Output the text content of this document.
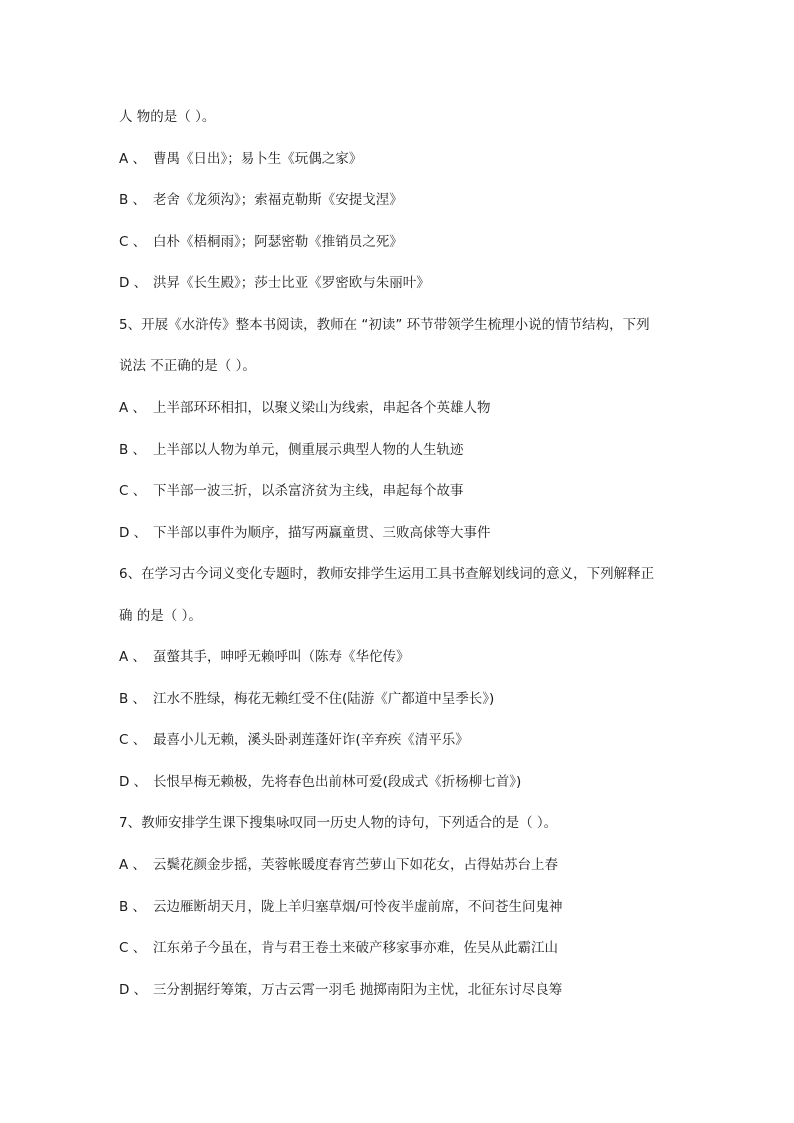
人 物的是（ ）。
A 、 曹禺《日出》；易卜生《玩偶之家》
B 、 老舍《龙须沟》；索福克勒斯《安提戈涅》
C 、 白朴《梧桐雨》；阿瑟密勒《推销员之死》
D 、 洪昇《长生殿》；莎士比亚《罗密欧与朱丽叶》
5、开展《水浒传》整本书阅读，教师在 “初读” 环节带领学生梳理小说的情节结构，下列
说法 不正确的是（ ）。
A 、 上半部环环相扣，以聚义梁山为线索，串起各个英雄人物
B 、 上半部以人物为单元，侧重展示典型人物的人生轨迹
C 、 下半部一波三折，以杀富济贫为主线，串起每个故事
D 、 下半部以事件为顺序，描写两赢童贯、三败高俅等大事件
6、在学习古今词义变化专题时，教师安排学生运用工具书查解划线词的意义，下列解释正
确 的是（ ）。
A 、 虿螫其手，呻呼无赖呼叫（陈寿《华佗传》
B 、 江水不胜绿，梅花无赖红受不住(陆游《广都道中呈季长》)
C 、 最喜小儿无赖，溪头卧剥莲蓬奸诈(辛弃疾《清平乐》
D 、 长恨早梅无赖极，先将春色出前林可爱(段成式《折杨柳七首》)
7、教师安排学生课下搜集咏叹同一历史人物的诗句，下列适合的是（ ）。
A 、 云鬓花颜金步摇，芙蓉帐暖度春宵苎萝山下如花女，占得姑苏台上春
B 、 云边雁断胡天月，陇上羊归塞草烟/可怜夜半虚前席，不问苍生问鬼神
C 、 江东弟子今虽在，肯与君王卷土来破产移家事亦难，佐吴从此霸江山
D 、 三分割据纡筹策，万古云霄一羽毛 抛掷南阳为主忧，北征东讨尽良筹
